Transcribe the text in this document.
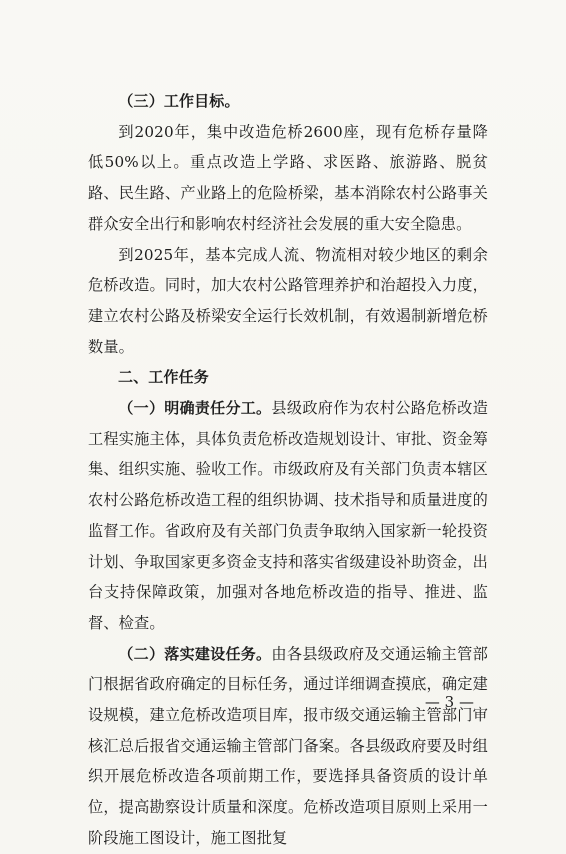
（三）工作目标。

到2020年，集中改造危桥2600座，现有危桥存量降低50%以上。重点改造上学路、求医路、旅游路、脱贫路、民生路、产业路上的危险桥梁，基本消除农村公路事关群众安全出行和影响农村经济社会发展的重大安全隐患。

到2025年，基本完成人流、物流相对较少地区的剩余危桥改造。同时，加大农村公路管理养护和治超投入力度，建立农村公路及桥梁安全运行长效机制，有效遏制新增危桥数量。

二、工作任务

（一）明确责任分工。县级政府作为农村公路危桥改造工程实施主体，具体负责危桥改造规划设计、审批、资金筹集、组织实施、验收工作。市级政府及有关部门负责本辖区农村公路危桥改造工程的组织协调、技术指导和质量进度的监督工作。省政府及有关部门负责争取纳入国家新一轮投资计划、争取国家更多资金支持和落实省级建设补助资金，出台支持保障政策，加强对各地危桥改造的指导、推进、监督、检查。

（二）落实建设任务。由各县级政府及交通运输主管部门根据省政府确定的目标任务，通过详细调查摸底，确定建设规模，建立危桥改造项目库，报市级交通运输主管部门审核汇总后报省交通运输主管部门备案。各县级政府要及时组织开展危桥改造各项前期工作，要选择具备资质的设计单位，提高勘察设计质量和深度。危桥改造项目原则上采用一阶段施工图设计，施工图批复

— 3 —
